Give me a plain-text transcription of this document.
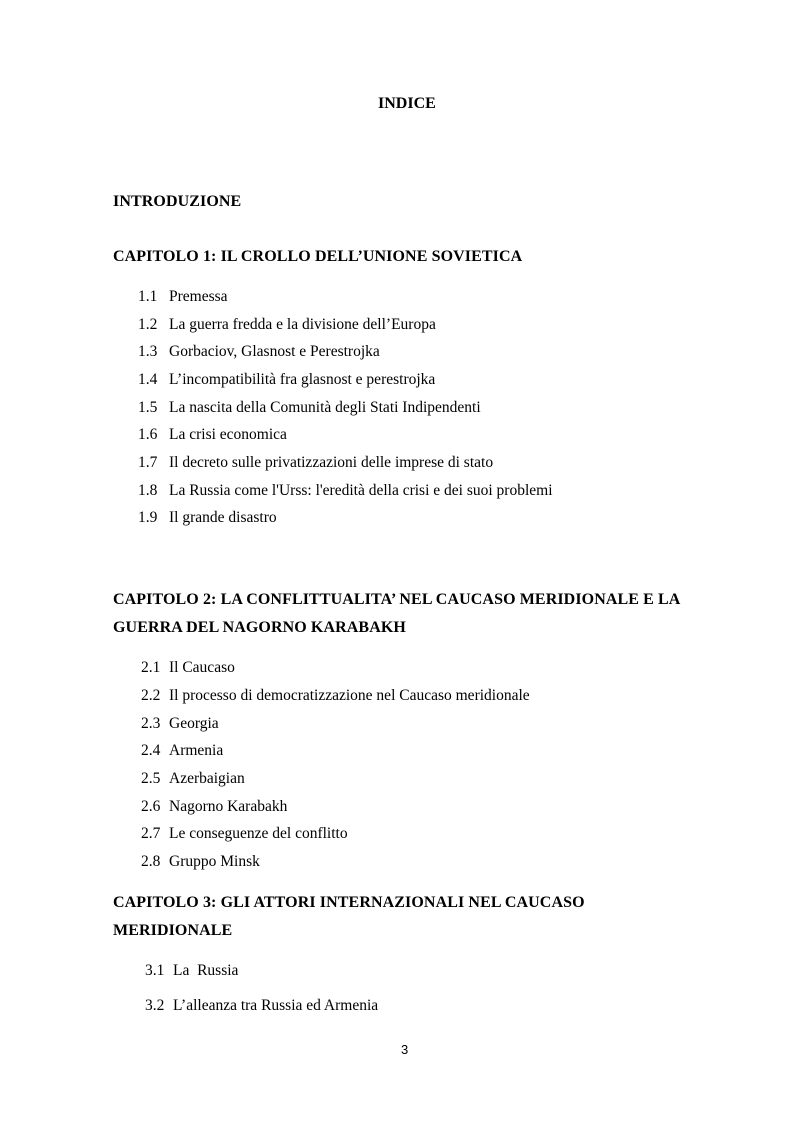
INDICE
INTRODUZIONE
CAPITOLO 1: IL CROLLO DELL’UNIONE SOVIETICA
1.1 Premessa
1.2 La guerra fredda e la divisione dell’Europa
1.3 Gorbaciov, Glasnost e Perestrojka
1.4 L’incompatibilità fra glasnost e perestrojka
1.5 La nascita della Comunità degli Stati Indipendenti
1.6 La crisi economica
1.7 Il decreto sulle privatizzazioni delle imprese di stato
1.8 La Russia come l'Urss: l'eredità della crisi e dei suoi problemi
1.9 Il grande disastro
CAPITOLO 2: LA CONFLITTUALITA’ NEL CAUCASO MERIDIONALE E LA
GUERRA DEL NAGORNO KARABAKH
2.1 Il Caucaso
2.2 Il processo di democratizzazione nel Caucaso meridionale
2.3 Georgia
2.4 Armenia
2.5 Azerbaigian
2.6 Nagorno Karabakh
2.7 Le conseguenze del conflitto
2.8 Gruppo Minsk
CAPITOLO 3: GLI ATTORI INTERNAZIONALI NEL CAUCASO
MERIDIONALE
3.1 La  Russia
3.2 L’alleanza tra Russia ed Armenia
3
